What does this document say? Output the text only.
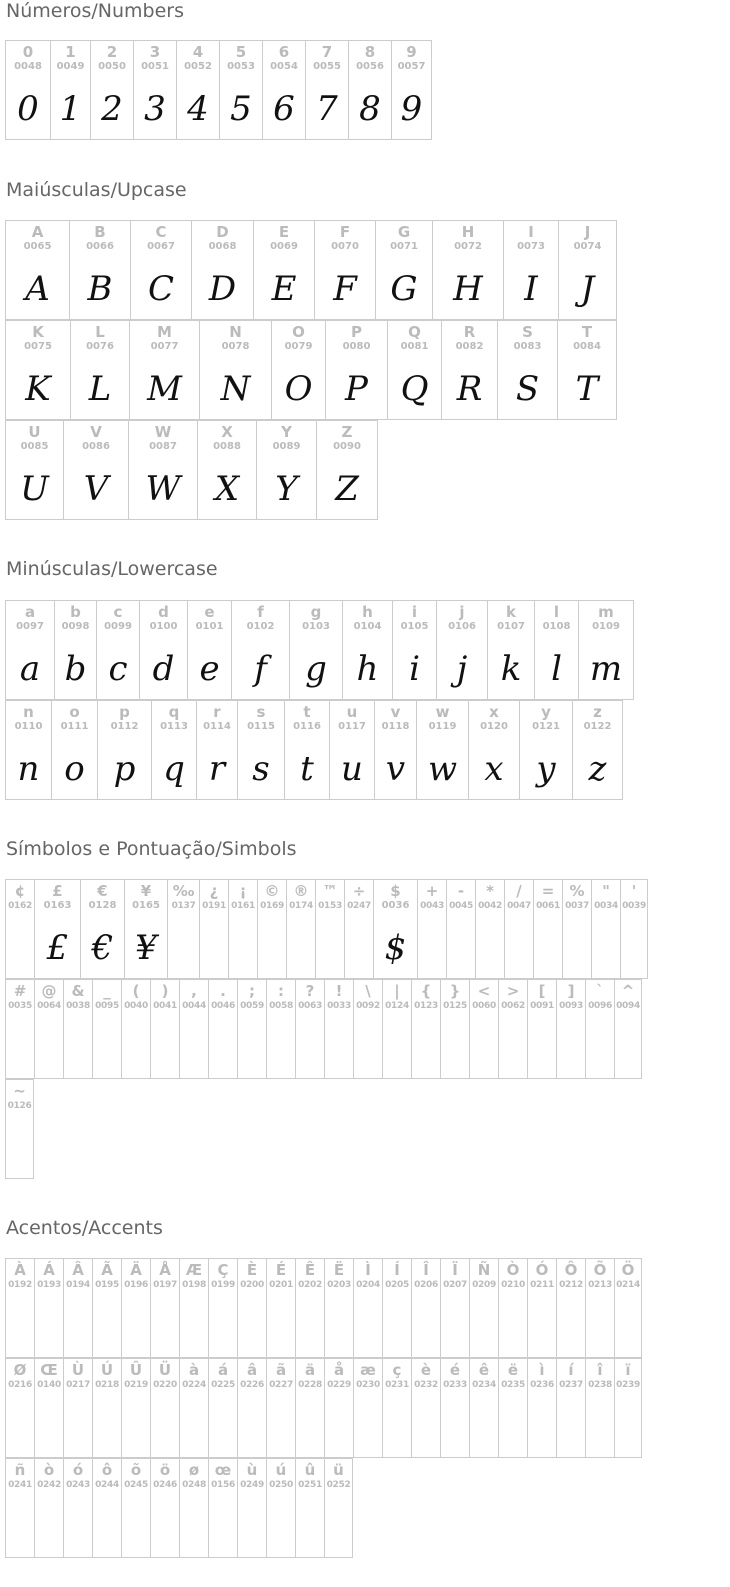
Números/Numbers
0
0048
0
1
0049
1
2
0050
2
3
0051
3
4
0052
4
5
0053
5
6
0054
6
7
0055
7
8
0056
8
9
0057
9
Maiúsculas/Upcase
A
0065
A
B
0066
B
C
0067
C
D
0068
D
E
0069
E
F
0070
F
G
0071
G
H
0072
H
I
0073
I
J
0074
J
K
0075
K
L
0076
L
M
0077
M
N
0078
N
O
0079
O
P
0080
P
Q
0081
Q
R
0082
R
S
0083
S
T
0084
T
U
0085
U
V
0086
V
W
0087
W
X
0088
X
Y
0089
Y
Z
0090
Z
Minúsculas/Lowercase
a
0097
a
b
0098
b
c
0099
c
d
0100
d
e
0101
e
f
0102
f
g
0103
g
h
0104
h
i
0105
i
j
0106
j
k
0107
k
l
0108
l
m
0109
m
n
0110
n
o
0111
o
p
0112
p
q
0113
q
r
0114
r
s
0115
s
t
0116
t
u
0117
u
v
0118
v
w
0119
w
x
0120
x
y
0121
y
z
0122
z
Símbolos e Pontuação/Simbols
¢
0162
£
0163
£
€
0128
€
¥
0165
¥
‰
0137
¿
0191
¡
0161
©
0169
®
0174
™
0153
÷
0247
$
0036
$
+
0043
-
0045
*
0042
/
0047
=
0061
%
0037
"
0034
'
0039
#
0035
@
0064
&
0038
_
0095
(
0040
)
0041
,
0044
.
0046
;
0059
:
0058
?
0063
!
0033
\
0092
|
0124
{
0123
}
0125
<
0060
>
0062
[
0091
]
0093
`
0096
^
0094
~
0126
Acentos/Accents
À
0192
Á
0193
Â
0194
Ã
0195
Ä
0196
Å
0197
Æ
0198
Ç
0199
È
0200
É
0201
Ê
0202
Ë
0203
Ì
0204
Í
0205
Î
0206
Ï
0207
Ñ
0209
Ò
0210
Ó
0211
Ô
0212
Õ
0213
Ö
0214
Ø
0216
Œ
0140
Ù
0217
Ú
0218
Û
0219
Ü
0220
à
0224
á
0225
â
0226
ã
0227
ä
0228
å
0229
æ
0230
ç
0231
è
0232
é
0233
ê
0234
ë
0235
ì
0236
í
0237
î
0238
ï
0239
ñ
0241
ò
0242
ó
0243
ô
0244
õ
0245
ö
0246
ø
0248
œ
0156
ù
0249
ú
0250
û
0251
ü
0252
